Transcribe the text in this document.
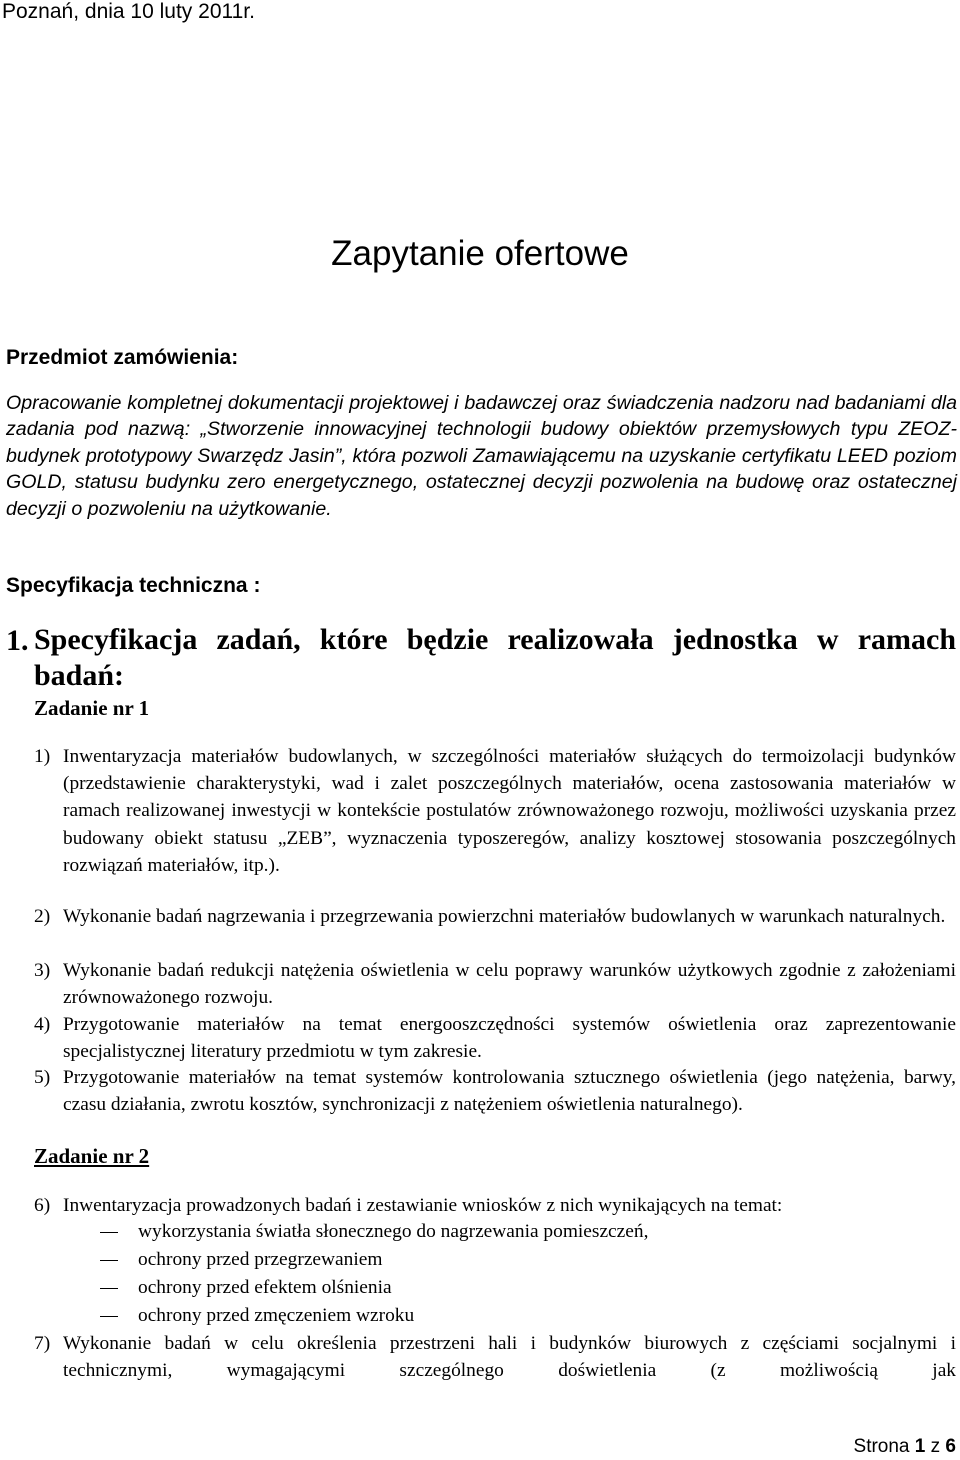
Poznań, dnia 10 luty 2011r.
Zapytanie ofertowe
Przedmiot zamówienia:
Opracowanie kompletnej dokumentacji projektowej i badawczej oraz świadczenia nadzoru nad badaniami dla zadania pod nazwą: „Stworzenie innowacyjnej technologii budowy obiektów przemysłowych typu ZEOZ-budynek prototypowy Swarzędz Jasin”, która pozwoli Zamawiającemu na uzyskanie certyfikatu LEED poziom GOLD, statusu budynku zero energetycznego, ostatecznej decyzji pozwolenia na budowę oraz ostatecznej decyzji o pozwoleniu na użytkowanie.
Specyfikacja techniczna :
1. Specyfikacja zadań, które będzie realizowała jednostka w ramach badań:
Zadanie nr 1
1) Inwentaryzacja materiałów budowlanych, w szczególności materiałów służących do termoizolacji budynków (przedstawienie charakterystyki, wad i zalet poszczególnych materiałów, ocena zastosowania materiałów w ramach realizowanej inwestycji w kontekście postulatów zrównoważonego rozwoju, możliwości uzyskania przez budowany obiekt statusu „ZEB”, wyznaczenia typoszeregów, analizy kosztowej stosowania poszczególnych rozwiązań materiałów, itp.).
2) Wykonanie badań nagrzewania i przegrzewania powierzchni materiałów budowlanych w warunkach naturalnych.
3) Wykonanie badań redukcji natężenia oświetlenia w celu poprawy warunków użytkowych zgodnie z założeniami zrównoważonego rozwoju.
4) Przygotowanie materiałów na temat energooszczędności systemów oświetlenia oraz zaprezentowanie specjalistycznej literatury przedmiotu w tym zakresie.
5) Przygotowanie materiałów na temat systemów kontrolowania sztucznego oświetlenia (jego natężenia, barwy, czasu działania, zwrotu kosztów, synchronizacji z natężeniem oświetlenia naturalnego).
Zadanie nr 2
6) Inwentaryzacja prowadzonych badań i zestawianie wniosków z nich wynikających na temat:
wykorzystania światła słonecznego do nagrzewania pomieszczeń,
ochrony przed przegrzewaniem
ochrony przed efektem olśnienia
ochrony przed zmęczeniem wzroku
7) Wykonanie badań w celu określenia przestrzeni hali i budynków biurowych z częściami socjalnymi i technicznymi, wymagającymi szczególnego doświetlenia (z możliwością jak
Strona 1 z 6
